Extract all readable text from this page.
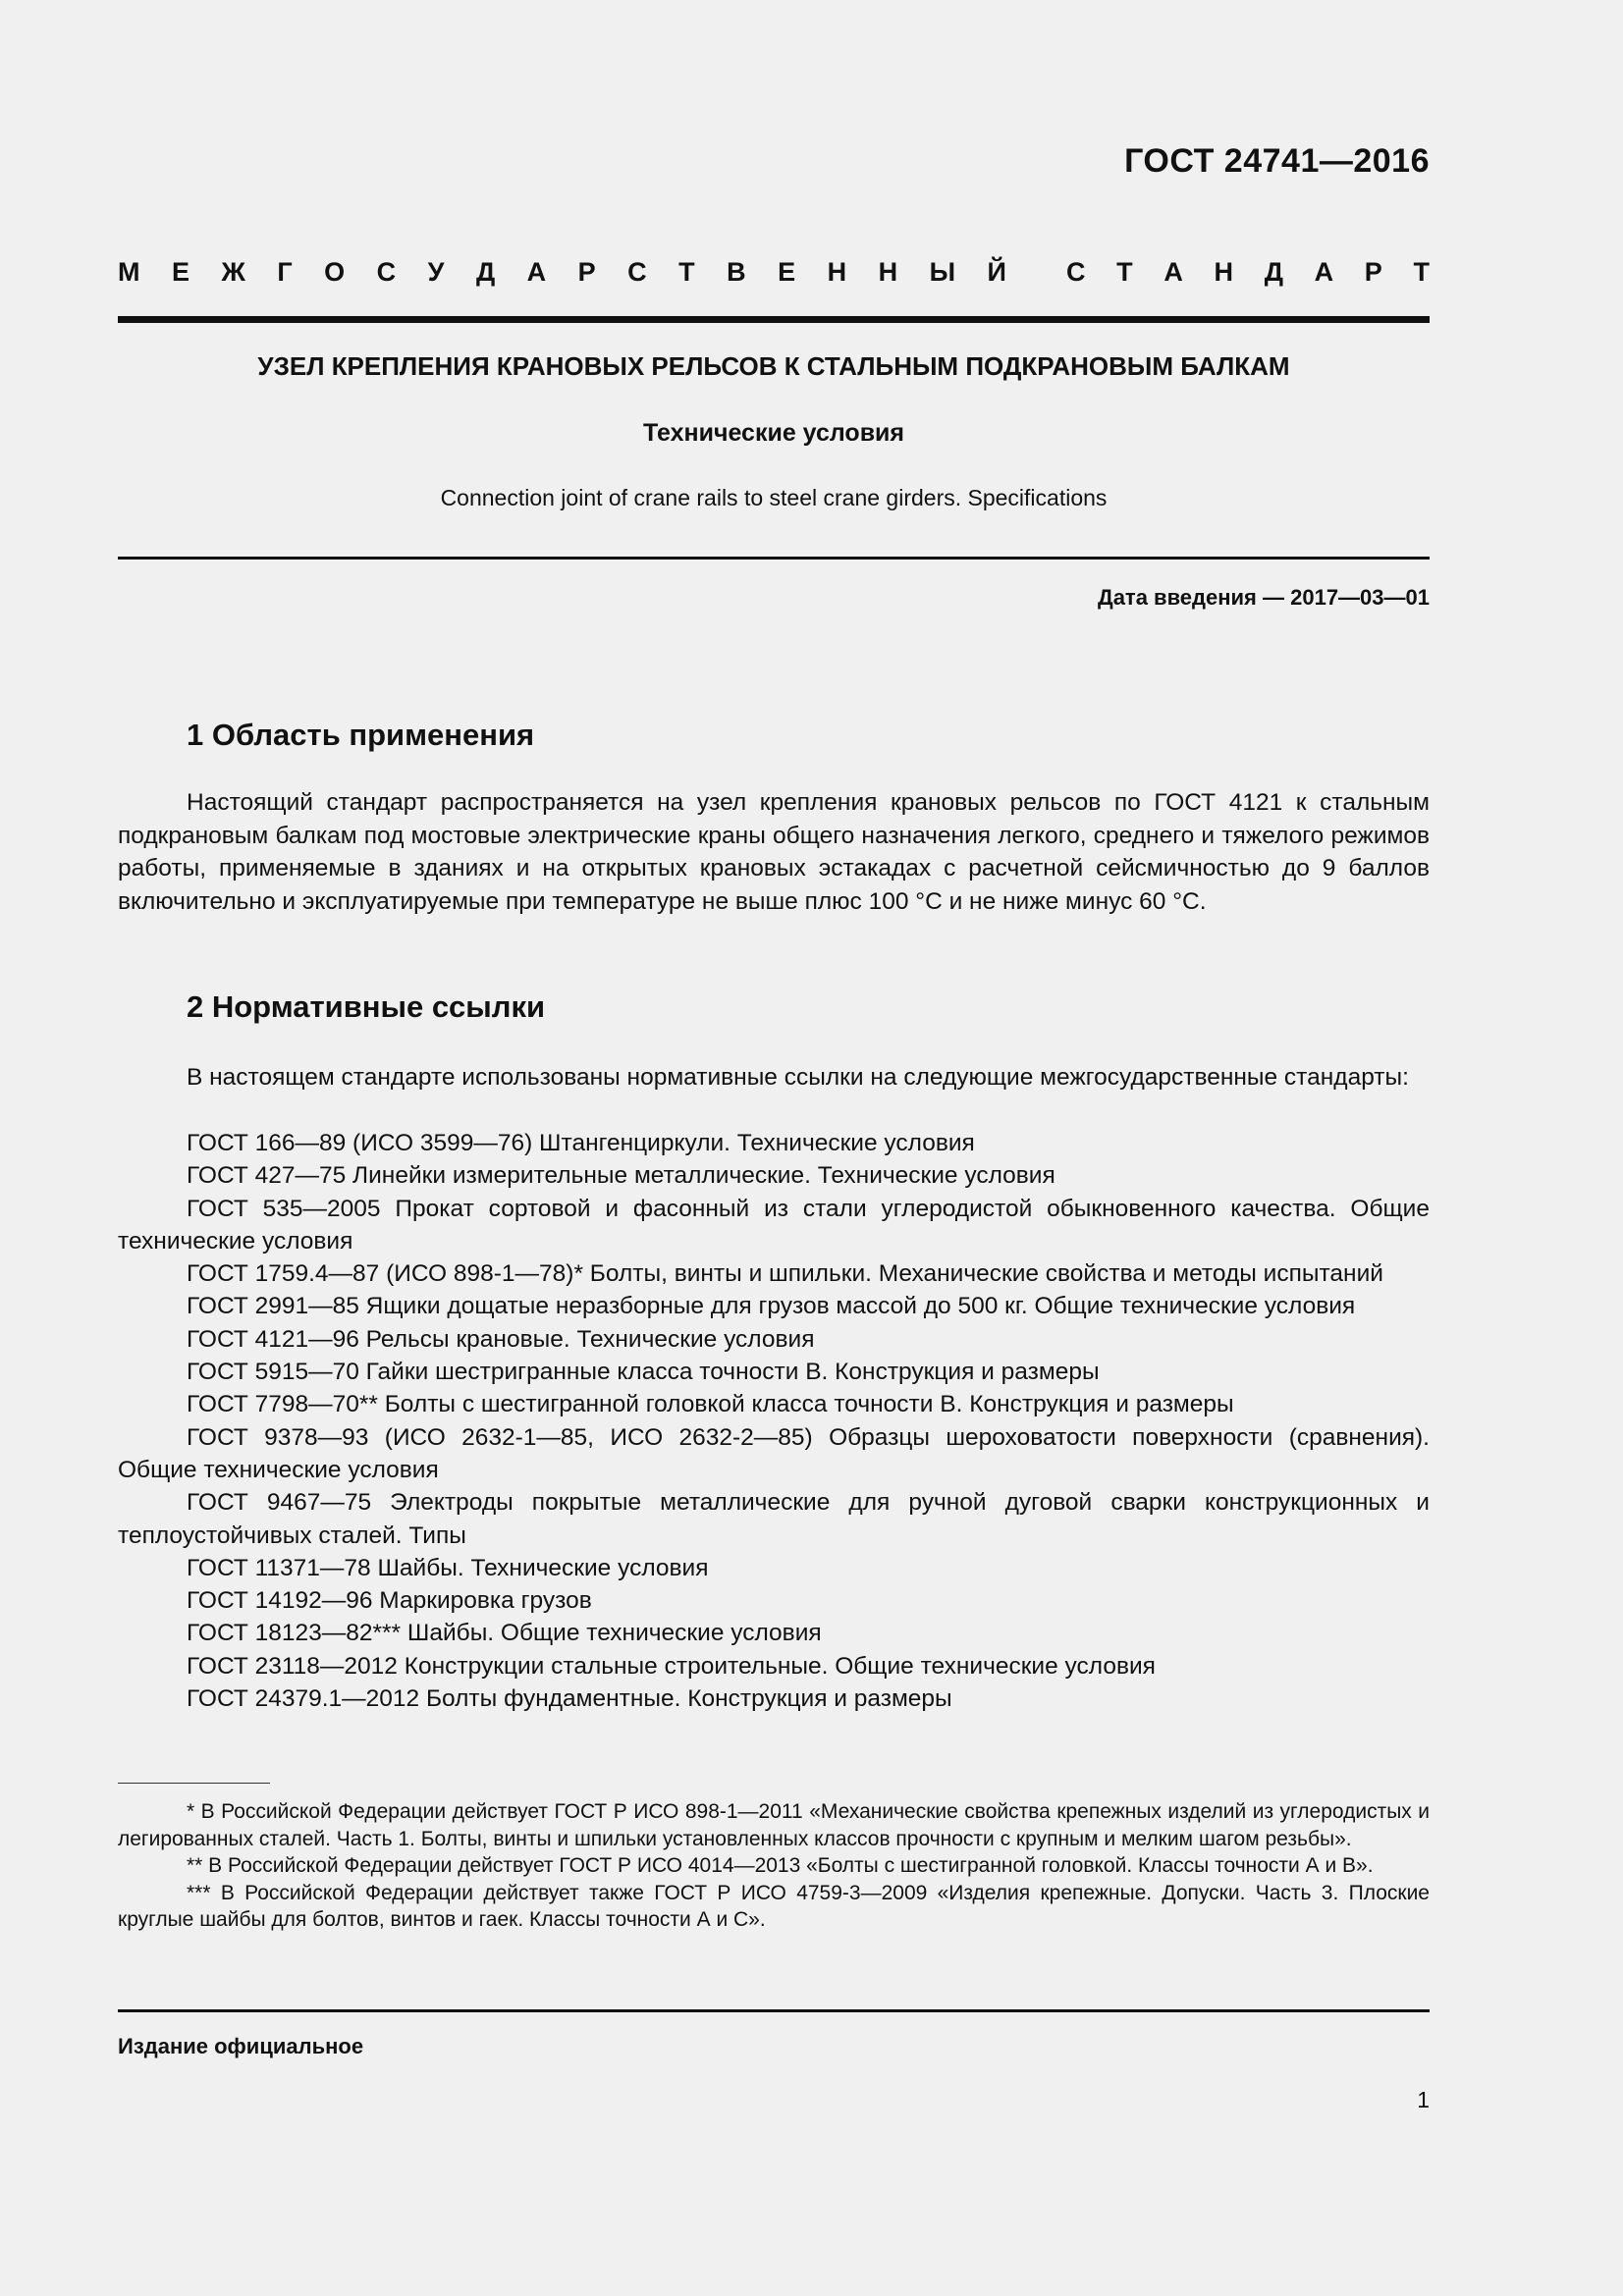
ГОСТ 24741—2016
М Е Ж Г О С У Д А Р С Т В Е Н Н Ы Й С Т А Н Д А Р Т
УЗЕЛ КРЕПЛЕНИЯ КРАНОВЫХ РЕЛЬСОВ К СТАЛЬНЫМ ПОДКРАНОВЫМ БАЛКАМ
Технические условия
Connection joint of crane rails to steel crane girders. Specifications
Дата введения — 2017—03—01
1 Область применения
Настоящий стандарт распространяется на узел крепления крановых рельсов по ГОСТ 4121 к стальным подкрановым балкам под мостовые электрические краны общего назначения легкого, среднего и тяжелого режимов работы, применяемые в зданиях и на открытых крановых эстакадах с расчетной сейсмичностью до 9 баллов включительно и эксплуатируемые при температуре не выше плюс 100 °С и не ниже минус 60 °С.
2 Нормативные ссылки
В настоящем стандарте использованы нормативные ссылки на следующие межгосударственные стандарты:
ГОСТ 166—89 (ИСО 3599—76) Штангенциркули. Технические условия
ГОСТ 427—75 Линейки измерительные металлические. Технические условия
ГОСТ 535—2005 Прокат сортовой и фасонный из стали углеродистой обыкновенного качества. Общие технические условия
ГОСТ 1759.4—87 (ИСО 898-1—78)* Болты, винты и шпильки. Механические свойства и методы испытаний
ГОСТ 2991—85 Ящики дощатые неразборные для грузов массой до 500 кг. Общие технические условия
ГОСТ 4121—96 Рельсы крановые. Технические условия
ГОСТ 5915—70 Гайки шестригранные класса точности В. Конструкция и размеры
ГОСТ 7798—70** Болты с шестигранной головкой класса точности В. Конструкция и размеры
ГОСТ 9378—93 (ИСО 2632-1—85, ИСО 2632-2—85) Образцы шероховатости поверхности (сравнения). Общие технические условия
ГОСТ 9467—75 Электроды покрытые металлические для ручной дуговой сварки конструкционных и теплоустойчивых сталей. Типы
ГОСТ 11371—78 Шайбы. Технические условия
ГОСТ 14192—96 Маркировка грузов
ГОСТ 18123—82*** Шайбы. Общие технические условия
ГОСТ 23118—2012 Конструкции стальные строительные. Общие технические условия
ГОСТ 24379.1—2012 Болты фундаментные. Конструкция и размеры
* В Российской Федерации действует ГОСТ Р ИСО 898-1—2011 «Механические свойства крепежных изделий из углеродистых и легированных сталей. Часть 1. Болты, винты и шпильки установленных классов прочности с крупным и мелким шагом резьбы».
** В Российской Федерации действует ГОСТ Р ИСО 4014—2013 «Болты с шестигранной головкой. Классы точности А и В».
*** В Российской Федерации действует также ГОСТ Р ИСО 4759-3—2009 «Изделия крепежные. Допуски. Часть 3. Плоские круглые шайбы для болтов, винтов и гаек. Классы точности А и С».
Издание официальное
1
